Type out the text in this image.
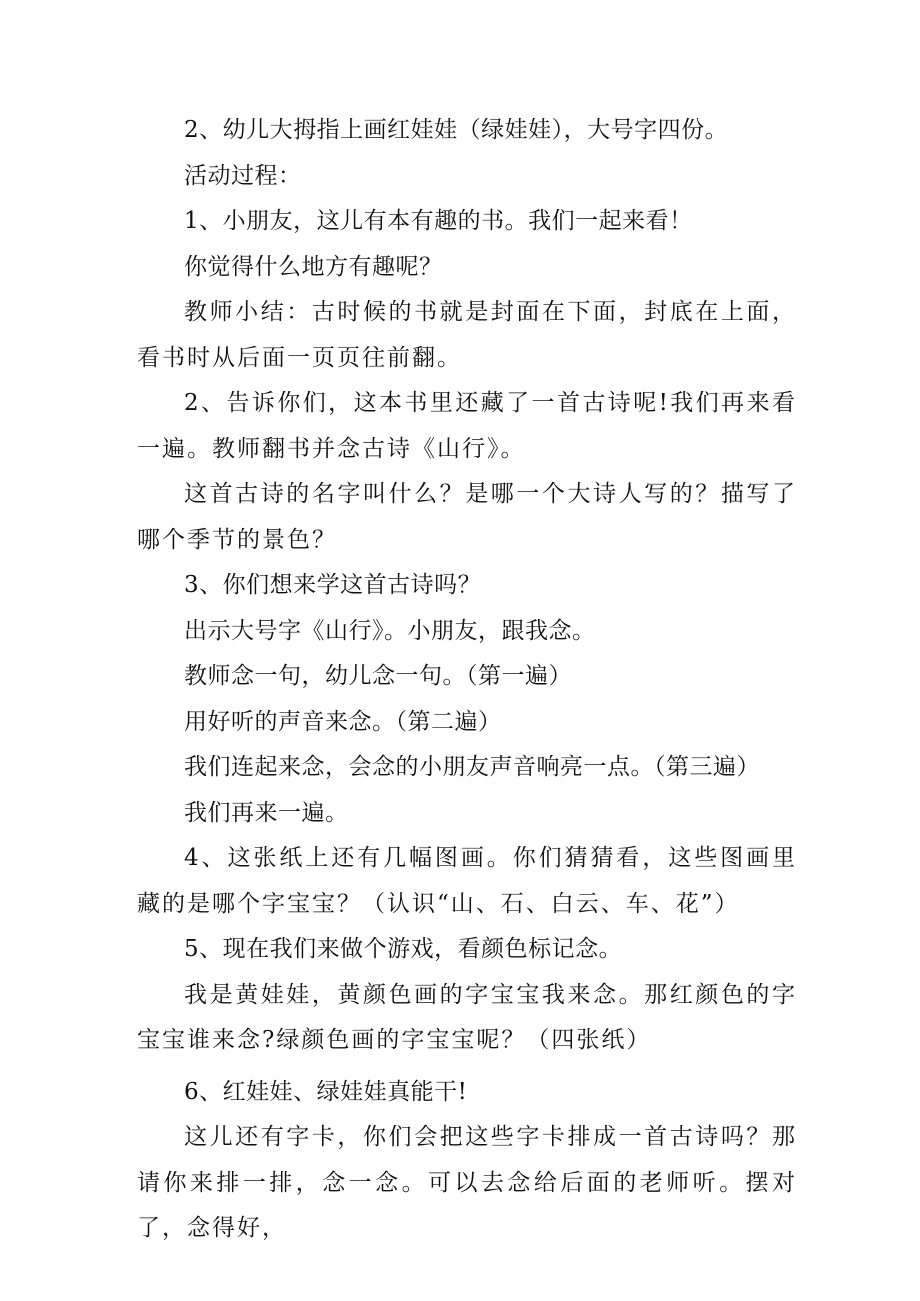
2、幼儿大拇指上画红娃娃（绿娃娃），大号字四份。

活动过程：

1、小朋友，这儿有本有趣的书。我们一起来看！

你觉得什么地方有趣呢？

教师小结：古时候的书就是封面在下面，封底在上面，看书时从后面一页页往前翻。

2、告诉你们，这本书里还藏了一首古诗呢!我们再来看一遍。教师翻书并念古诗《山行》。

这首古诗的名字叫什么？是哪一个大诗人写的？描写了哪个季节的景色？

3、你们想来学这首古诗吗？

出示大号字《山行》。小朋友，跟我念。

教师念一句，幼儿念一句。（第一遍）

用好听的声音来念。（第二遍）

我们连起来念，会念的小朋友声音响亮一点。（第三遍）

我们再来一遍。

4、这张纸上还有几幅图画。你们猜猜看，这些图画里藏的是哪个字宝宝？（认识“山、石、白云、车、花”）

5、现在我们来做个游戏，看颜色标记念。

我是黄娃娃，黄颜色画的字宝宝我来念。那红颜色的字宝宝谁来念?绿颜色画的字宝宝呢？（四张纸）

6、红娃娃、绿娃娃真能干!

这儿还有字卡，你们会把这些字卡排成一首古诗吗？那请你来排一排，念一念。可以去念给后面的老师听。摆对了，念得好，
